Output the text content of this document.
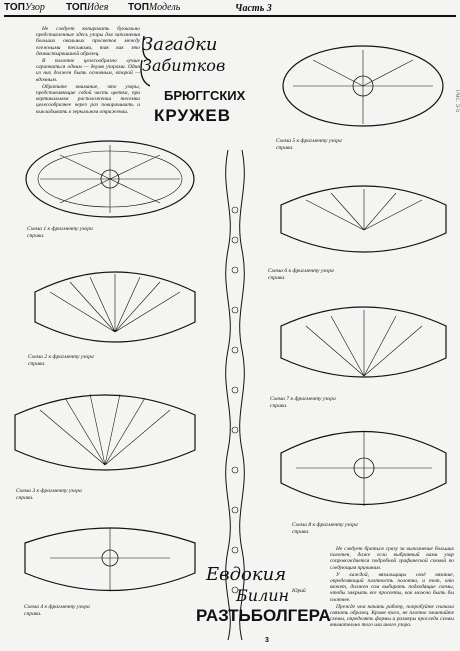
TOПУзор TOПИдея TOПМодель	Часть 3

Не следует копировать буквально представленные здесь узоры для заполнения больших овальных просветов между ележными тесьмами, так как это дочнистырвшиной образец.

В полотне целесообразно лучше огранчиться одним — двумя узорами. Один из них должен быть основным, второй — вдочным.

Обратите внимание, что узоры, представляющие собой часть цветка, при вертикальном расположении тесемки целесообразнее через раз поворачивать и выкладывать в зеркальном отражении.

Загадки
Забитков
БРЮГГСКИХ
КРУЖЕВ
Схема 1 к фрагменту узора справа.
Схема 2 к фрагменту узора справа.
Схема 3 к фрагменту узора справа.
Схема 4 к фрагменту узора справа.
Схема 5 к фрагменту узора справа.
Схема 6 к фрагменту узора справа.
Схема 7 к фрагменту узора справа.
Схема 8 к фрагменту узора справа.

Не следует браться сразу за выполнение больших полотен, даже если выбранный вами узор сопровождается подробной графической схемой по следующим причинам.

У каждой, вязальщицы своё вязание, определяющий плотность полотна, и тот, кто вяжет, должен сам выбирать подходящие схемы, чтобы закрыть все просветы, как можно быть бы плотнее.

Прежде чем начать работу, попробуйте сначала связать образец. Кроме того, не плотно зачитайте схемы, определять формы и размеры проследа схемы внимательно того или иного узора.

Евдокия
Билин
РАЗТЬБОЛГЕРА
Юрий
3
Рис. 3-5
